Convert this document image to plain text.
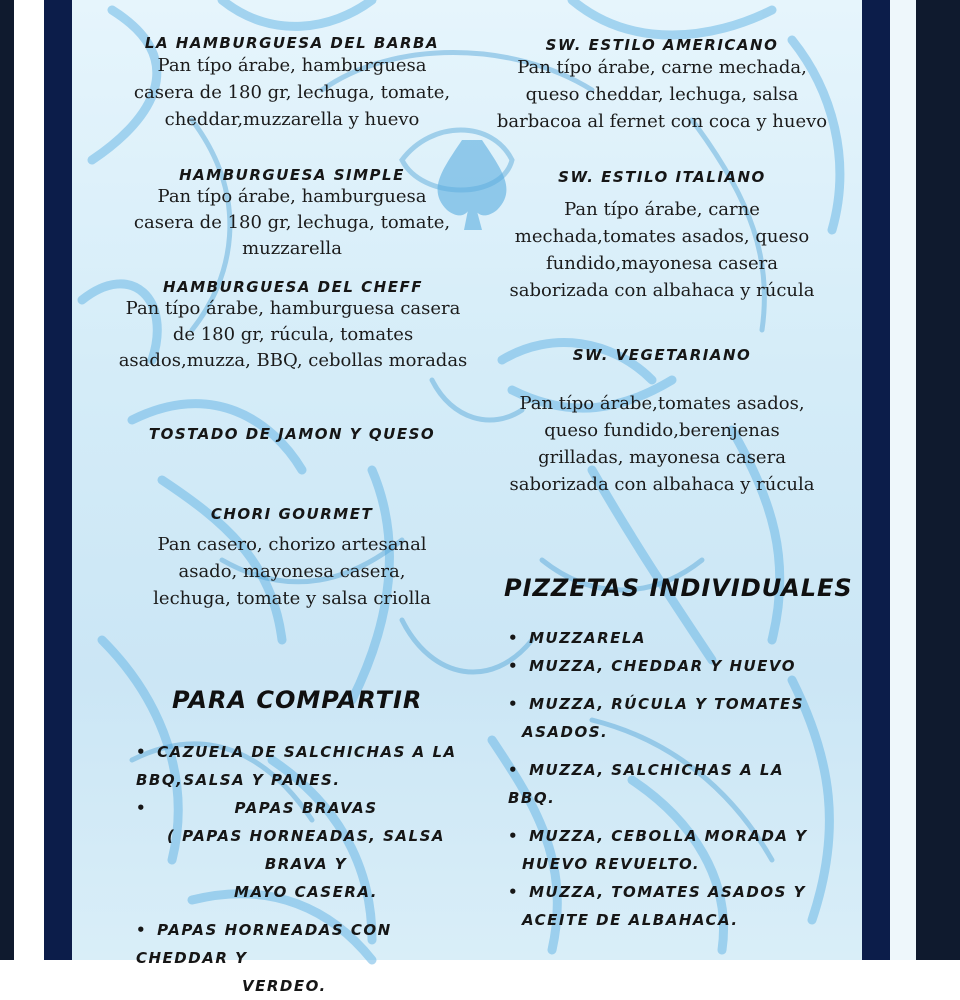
LA HAMBURGUESA DEL BARBA

Pan típo árabe, hamburguesa

casera de 180 gr, lechuga, tomate,

cheddar,muzzarella y huevo

HAMBURGUESA SIMPLE

Pan típo árabe, hamburguesa

casera de 180 gr, lechuga, tomate,

muzzarella

HAMBURGUESA DEL CHEFF

Pan típo árabe, hamburguesa casera

de 180 gr, rúcula, tomates

asados,muzza, BBQ, cebollas moradas

TOSTADO DE JAMON Y QUESO

CHORI GOURMET

Pan casero, chorizo artesanal

asado, mayonesa casera,

lechuga, tomate y salsa criolla

SW. ESTILO AMERICANO

Pan típo árabe, carne mechada,

queso cheddar, lechuga, salsa

barbacoa al fernet con coca y huevo

SW. ESTILO ITALIANO

Pan típo árabe, carne

mechada,tomates asados, queso

fundido,mayonesa casera

saborizada con albahaca y rúcula

SW. VEGETARIANO

Pan típo árabe,tomates asados,

queso fundido,berenjenas

grilladas, mayonesa casera

saborizada con albahaca y rúcula

PARA COMPARTIR
• CAZUELA DE SALCHICHAS A LA
BBQ,SALSA Y PANES.
•	PAPAS BRAVAS
( PAPAS HORNEADAS, SALSA BRAVA Y
MAYO CASERA.
• PAPAS HORNEADAS CON CHEDDAR Y
VERDEO.
PIZZETAS INDIVIDUALES
• MUZZARELA
• MUZZA, CHEDDAR Y HUEVO
• MUZZA, RÚCULA Y TOMATES
ASADOS.
• MUZZA, SALCHICHAS A LA BBQ.
• MUZZA, CEBOLLA MORADA Y
HUEVO REVUELTO.
• MUZZA, TOMATES ASADOS Y
ACEITE DE ALBAHACA.
